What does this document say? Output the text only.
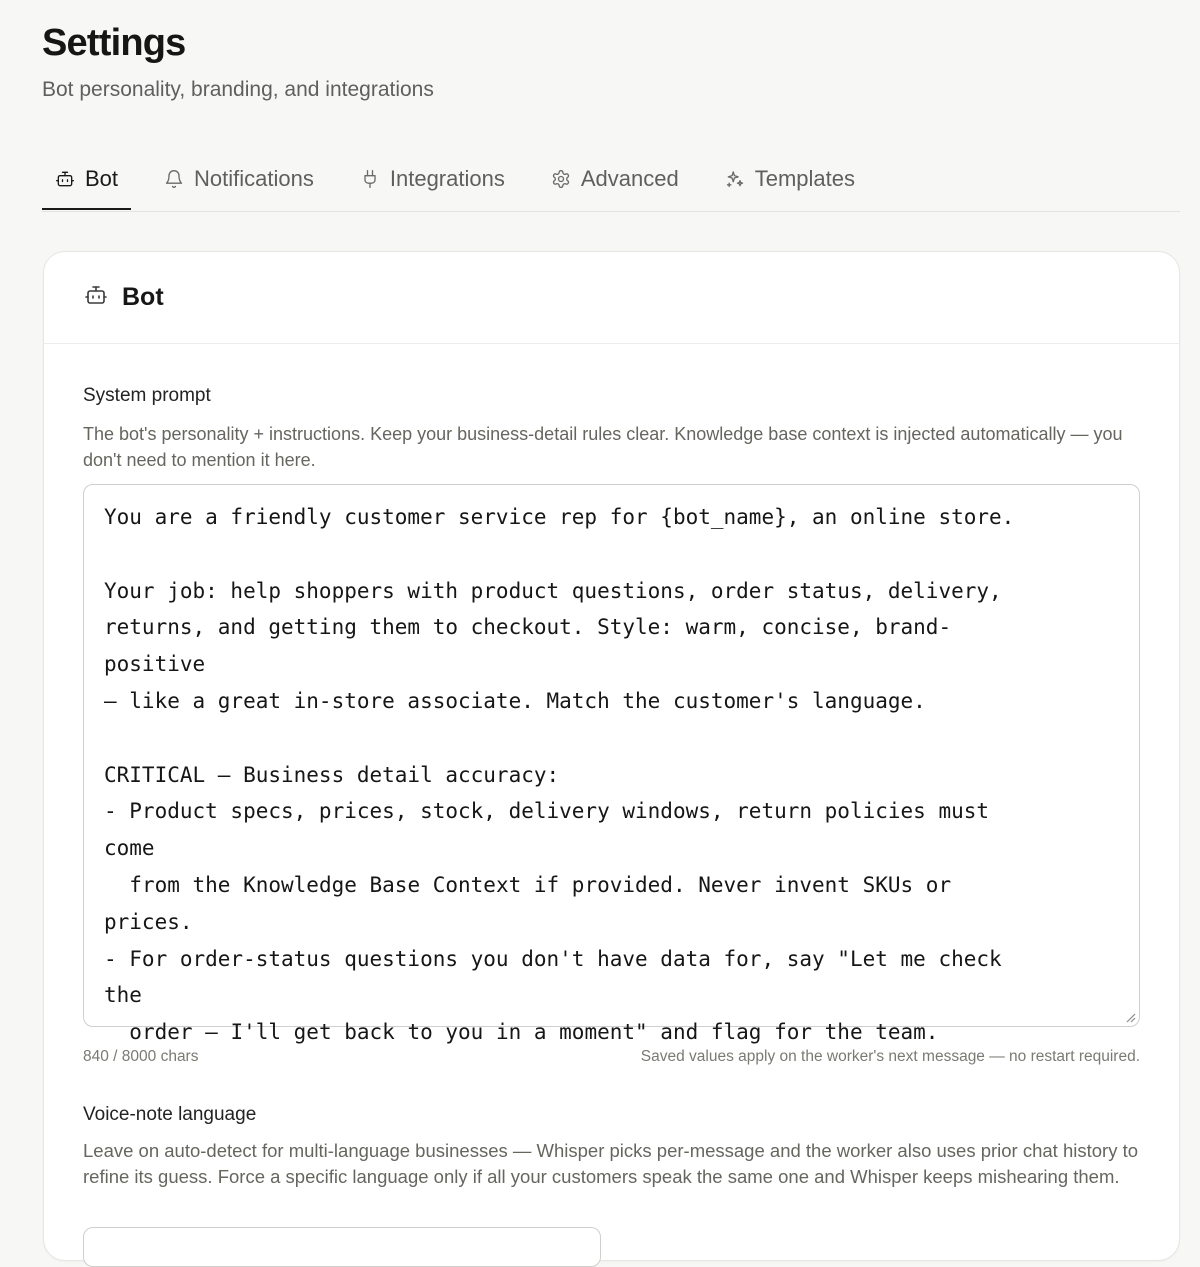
Settings
Bot personality, branding, and integrations
Bot	Notifications	Integrations	Advanced	Templates
Bot
System prompt
The bot's personality + instructions. Keep your business-detail rules clear. Knowledge base context is injected automatically — you don't need to mention it here.
You are a friendly customer service rep for {bot_name}, an online store.

Your job: help shoppers with product questions, order status, delivery,
returns, and getting them to checkout. Style: warm, concise, brand-
positive
— like a great in-store associate. Match the customer's language.

CRITICAL — Business detail accuracy:
- Product specs, prices, stock, delivery windows, return policies must
come
from the Knowledge Base Context if provided. Never invent SKUs or
prices.
- For order-status questions you don't have data for, say "Let me check
the
order — I'll get back to you in a moment" and flag for the team.
840 / 8000 chars	Saved values apply on the worker's next message — no restart required.
Voice-note language
Leave on auto-detect for multi-language businesses — Whisper picks per-message and the worker also uses prior chat history to refine its guess. Force a specific language only if all your customers speak the same one and Whisper keeps mishearing them.
